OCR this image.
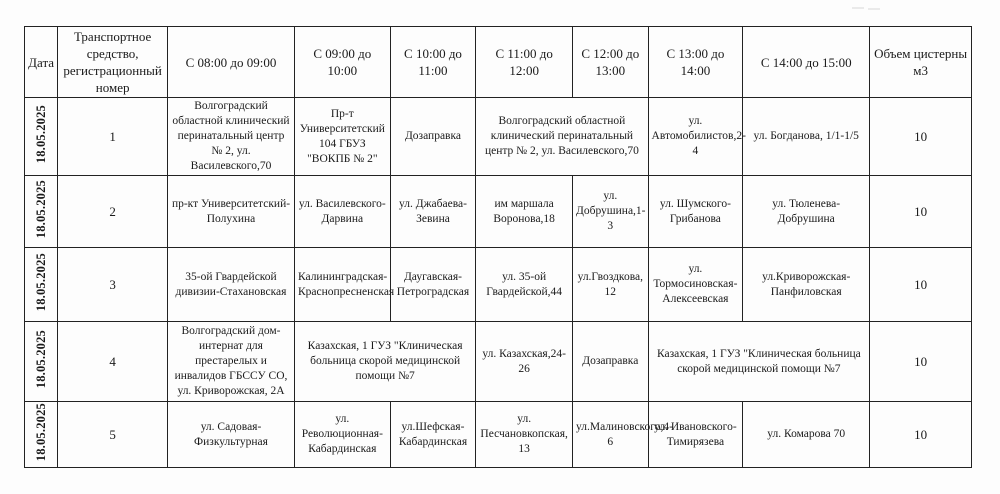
Дата	Транспортное средство, регистрационный номер	С 08:00 до 09:00	С 09:00 до 10:00	С 10:00 до 11:00	С 11:00 до 12:00	С 12:00 до 13:00	С 13:00 до 14:00	С 14:00 до 15:00	Объем цистерны м3
18.05.2025	1	Волгоградский областной клинический перинатальный центр № 2, ул. Василевского,70	Пр-т Университетский 104 ГБУЗ "ВОКПБ № 2"	Дозаправка	Волгоградский областной клинический перинатальный центр № 2, ул. Василевского,70		ул. Автомобилистов,2-4	ул. Богданова, 1/1-1/5	10
18.05.2025	2	пр-кт Университетский-Полухина	ул. Василевского-Дарвина	ул. Джабаева-Зевина	им маршала Воронова,18	ул. Добрушина,1-3	ул. Шумского-Грибанова	ул. Тюленева-Добрушина	10
18.05.2025	3	35-ой Гвардейской дивизии-Стахановская	Калининградская-Краснопресненская	Даугавская-Петроградская	ул. 35-ой Гвардейской,44	ул.Гвоздкова, 12	ул. Тормосиновская-Алексеевская	ул.Криворожская-Панфиловская	10
18.05.2025	4	Волгоградский дом-интернат для престарелых и инвалидов ГБССУ СО, ул. Криворожская, 2А	Казахская, 1 ГУЗ "Клиническая больница скорой медицинской помощи №7		ул. Казахская,24-26	Дозаправка	Казахская, 1 ГУЗ "Клиническая больница скорой медицинской помощи №7		10
18.05.2025	5	ул. Садовая-Физкультурная	ул. Революционная-Кабардинская	ул.Шефская-Кабардинская	ул. Песчановкопская, 13	ул.Малиновского,4-6	ул. Ивановского-Тимирязева	ул. Комарова 70	10
